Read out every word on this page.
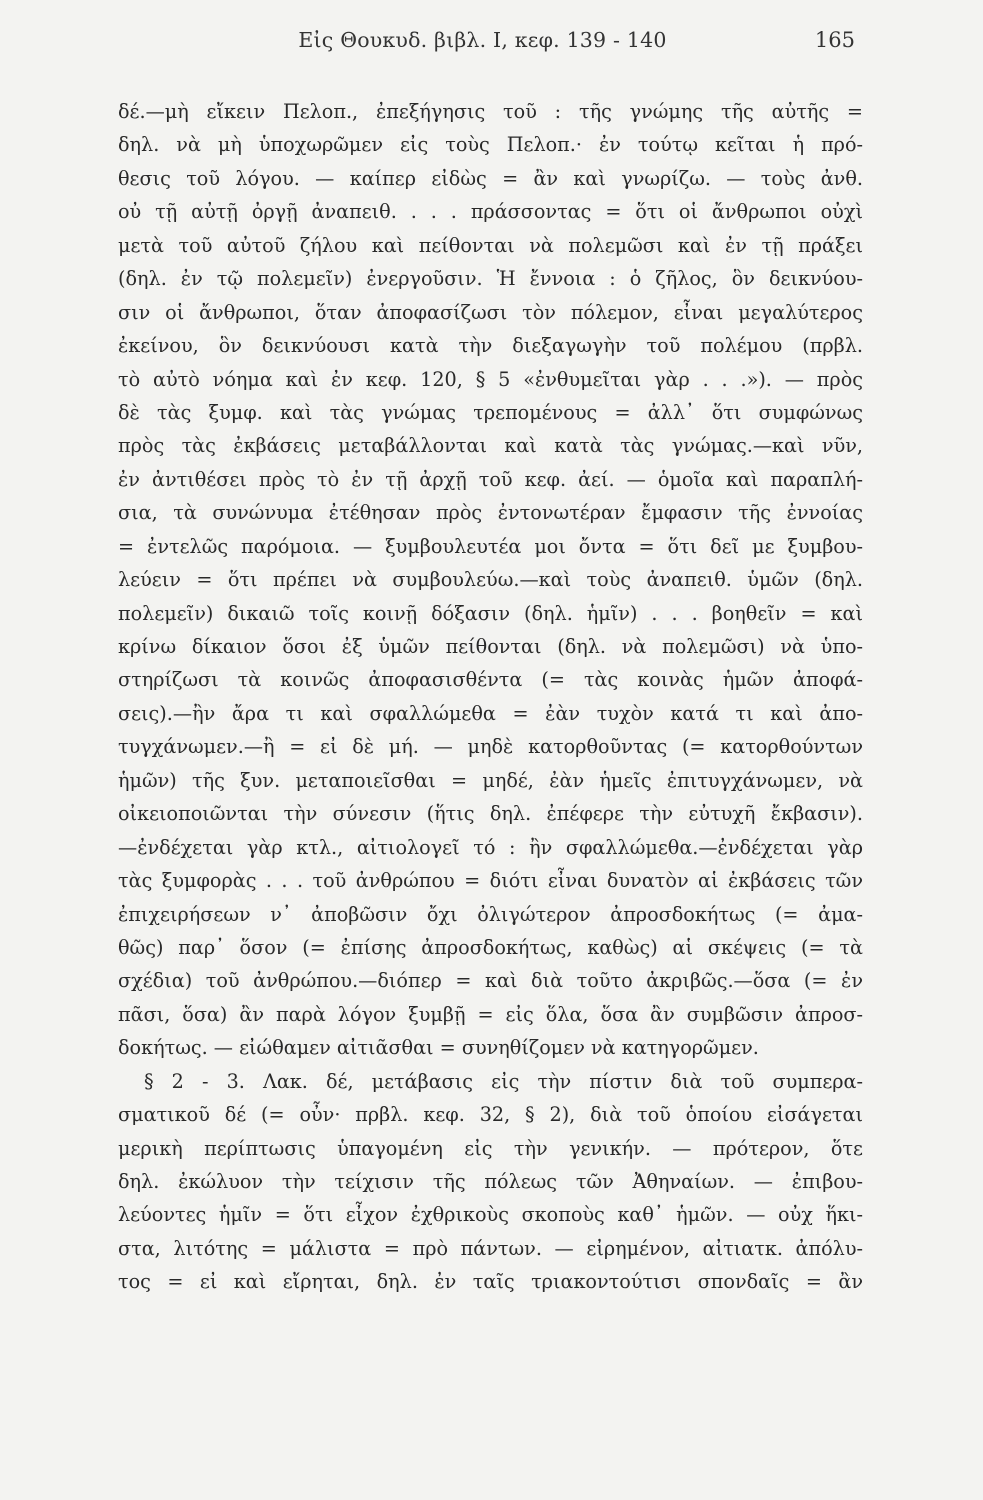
Εἰς Θουκυδ. βιβλ. Ι, κεφ. 139 - 140	165
δέ.—μὴ εἴκειν Πελοπ., ἐπεξήγησις τοῦ : τῆς γνώμης τῆς αὐτῆς =
δηλ. νὰ μὴ ὑποχωρῶμεν εἰς τοὺς Πελοπ.· ἐν τούτῳ κεῖται ἡ πρό-
θεσις τοῦ λόγου. — καίπερ εἰδὼς = ἂν καὶ γνωρίζω. — τοὺς ἀνθ.
οὐ τῇ αὐτῇ ὀργῇ ἀναπειθ. . . . πράσσοντας = ὅτι οἱ ἄνθρωποι οὐχὶ
μετὰ τοῦ αὐτοῦ ζήλου καὶ πείθονται νὰ πολεμῶσι καὶ ἐν τῇ πράξει
(δηλ. ἐν τῷ πολεμεῖν) ἐνεργοῦσιν. Ἡ ἔννοια : ὁ ζῆλος, ὃν δεικνύου-
σιν οἱ ἄνθρωποι, ὅταν ἀποφασίζωσι τὸν πόλεμον, εἶναι μεγαλύτερος
ἐκείνου, ὃν δεικνύουσι κατὰ τὴν διεξαγωγὴν τοῦ πολέμου (πρβλ.
τὸ αὐτὸ νόημα καὶ ἐν κεφ. 120, § 5 «ἐνθυμεῖται γὰρ . . .»). — πρὸς
δὲ τὰς ξυμφ. καὶ τὰς γνώμας τρεπομένους = ἀλλ᾽ ὅτι συμφώνως
πρὸς τὰς ἐκβάσεις μεταβάλλονται καὶ κατὰ τὰς γνώμας.—καὶ νῦν,
ἐν ἀντιθέσει πρὸς τὸ ἐν τῇ ἀρχῇ τοῦ κεφ. ἀεί. — ὁμοῖα καὶ παραπλή-
σια, τὰ συνώνυμα ἐτέθησαν πρὸς ἐντονωτέραν ἔμφασιν τῆς ἐννοίας
= ἐντελῶς παρόμοια. — ξυμβουλευτέα μοι ὄντα = ὅτι δεῖ με ξυμβου-
λεύειν = ὅτι πρέπει νὰ συμβουλεύω.—καὶ τοὺς ἀναπειθ. ὑμῶν (δηλ.
πολεμεῖν) δικαιῶ τοῖς κοινῇ δόξασιν (δηλ. ἡμῖν) . . . βοηθεῖν = καὶ
κρίνω δίκαιον ὅσοι ἐξ ὑμῶν πείθονται (δηλ. νὰ πολεμῶσι) νὰ ὑπο-
στηρίζωσι τὰ κοινῶς ἀποφασισθέντα (= τὰς κοινὰς ἡμῶν ἀποφά-
σεις).—ἢν ἄρα τι καὶ σφαλλώμεθα = ἐὰν τυχὸν κατά τι καὶ ἀπο-
τυγχάνωμεν.—ἢ = εἰ δὲ μή. — μηδὲ κατορθοῦντας (= κατορθούντων
ἡμῶν) τῆς ξυν. μεταποιεῖσθαι = μηδέ, ἐὰν ἡμεῖς ἐπιτυγχάνωμεν, νὰ
οἰκειοποιῶνται τὴν σύνεσιν (ἥτις δηλ. ἐπέφερε τὴν εὐτυχῆ ἔκβασιν).
—ἐνδέχεται γὰρ κτλ., αἰτιολογεῖ τό : ἢν σφαλλώμεθα.—ἐνδέχεται γὰρ
τὰς ξυμφορὰς . . . τοῦ ἀνθρώπου = διότι εἶναι δυνατὸν αἱ ἐκβάσεις τῶν
ἐπιχειρήσεων ν᾽ ἀποβῶσιν ὄχι ὀλιγώτερον ἀπροσδοκήτως (= ἀμα-
θῶς) παρ᾽ ὅσον (= ἐπίσης ἀπροσδοκήτως, καθὼς) αἱ σκέψεις (= τὰ
σχέδια) τοῦ ἀνθρώπου.—διόπερ = καὶ διὰ τοῦτο ἀκριβῶς.—ὅσα (= ἐν
πᾶσι, ὅσα) ἂν παρὰ λόγον ξυμβῇ = εἰς ὅλα, ὅσα ἂν συμβῶσιν ἀπροσ-
δοκήτως. — εἰώθαμεν αἰτιᾶσθαι = συνηθίζομεν νὰ κατηγορῶμεν.
§ 2 - 3. Λακ. δέ, μετάβασις εἰς τὴν πίστιν διὰ τοῦ συμπερα-
σματικοῦ δέ (= οὖν· πρβλ. κεφ. 32, § 2), διὰ τοῦ ὁποίου εἰσάγεται
μερικὴ περίπτωσις ὑπαγομένη εἰς τὴν γενικήν. — πρότερον, ὅτε
δηλ. ἐκώλυον τὴν τείχισιν τῆς πόλεως τῶν Ἀθηναίων. — ἐπιβου-
λεύοντες ἡμῖν = ὅτι εἶχον ἐχθρικοὺς σκοποὺς καθ᾽ ἡμῶν. — οὐχ ἥκι-
στα, λιτότης = μάλιστα = πρὸ πάντων. — εἰρημένον, αἰτιατκ. ἀπόλυ-
τος = εἰ καὶ εἴρηται, δηλ. ἐν ταῖς τριακοντούτισι σπονδαῖς = ἂν
